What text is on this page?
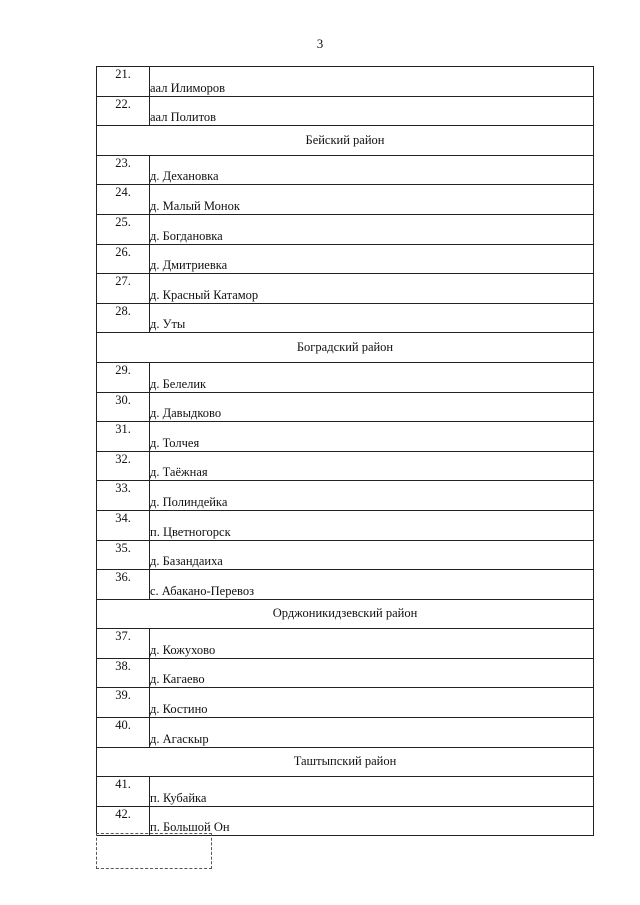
3
21.	аал Илиморов
22.	аал Политов
Бейский район	
23.	д. Дехановка
24.	д. Малый Монок
25.	д. Богдановка
26.	д. Дмитриевка
27.	д. Красный Катамор
28.	д. Уты
Боградский район	
29.	д. Белелик
30.	д. Давыдково
31.	д. Толчея
32.	д. Таёжная
33.	д. Полиндейка
34.	п. Цветногорск
35.	д. Базандаиха
36.	с. Абакано-Перевоз
Орджоникидзевский район	
37.	д. Кожухово
38.	д. Кагаево
39.	д. Костино
40.	д. Агаскыр
Таштыпский район	
41.	п. Кубайка
42.	п. Большой Он
